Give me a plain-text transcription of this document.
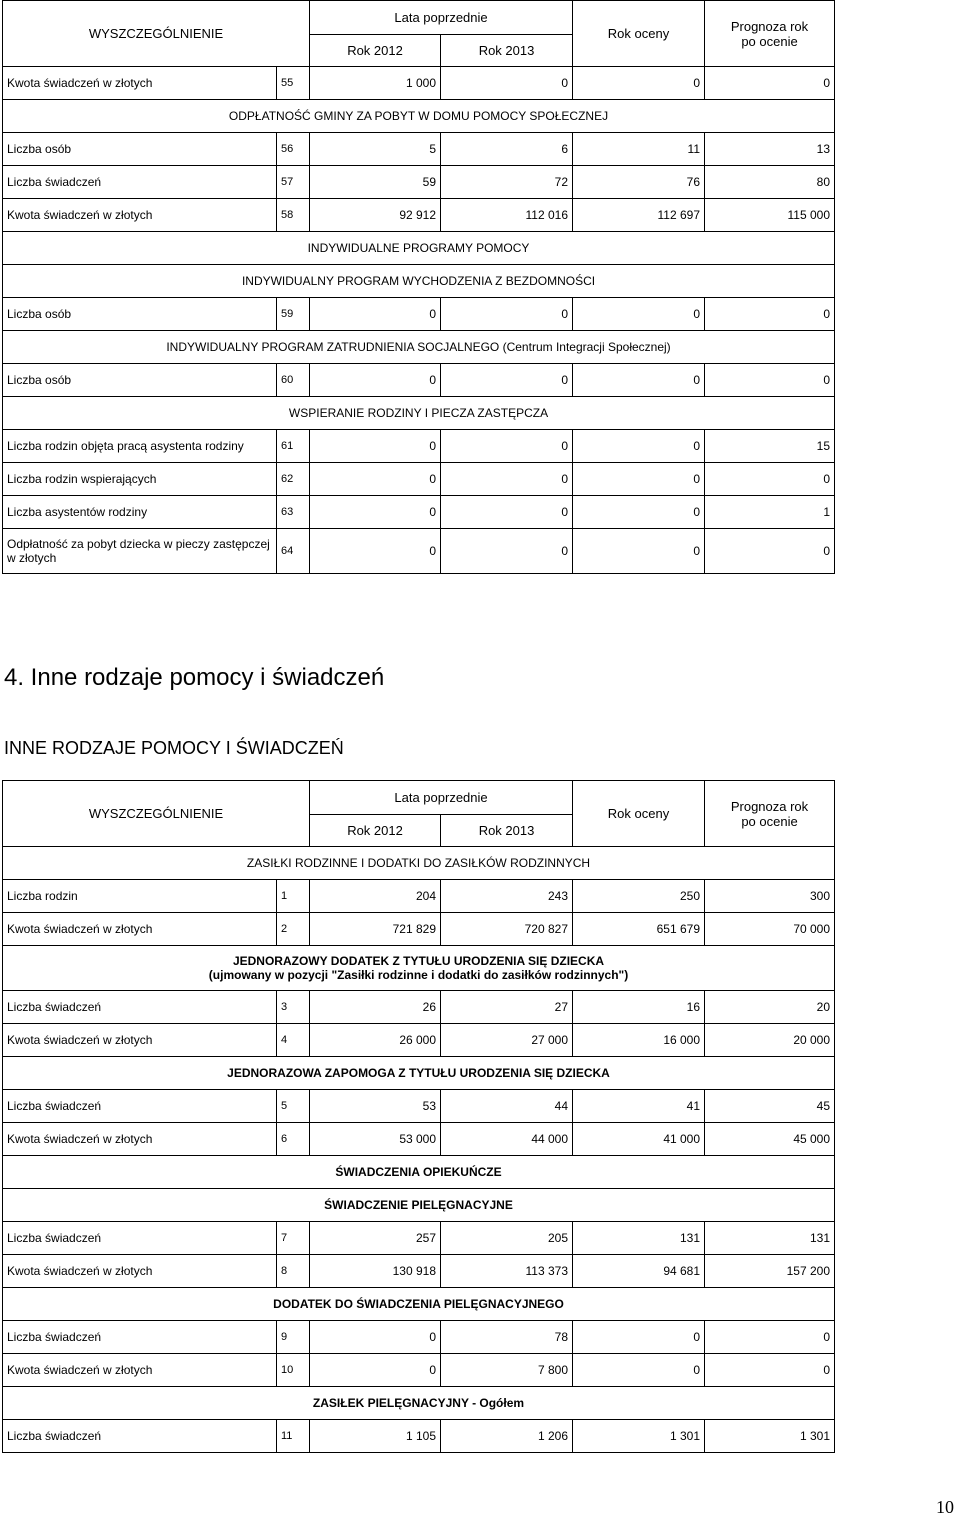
WYSZCZEGÓLNIENIE		Lata poprzednie		Rok oceny	Prognoza rok
po ocenie
		Rok 2012	Rok 2013		
Kwota świadczeń w złotych	55	1 000	0	0	0
ODPŁATNOŚĆ GMINY ZA POBYT W DOMU POMOCY SPOŁECZNEJ					
Liczba osób	56	5	6	11	13
Liczba świadczeń	57	59	72	76	80
Kwota świadczeń w złotych	58	92 912	112 016	112 697	115 000
INDYWIDUALNE PROGRAMY POMOCY					
INDYWIDUALNY PROGRAM WYCHODZENIA Z BEZDOMNOŚCI					
Liczba osób	59	0	0	0	0
INDYWIDUALNY PROGRAM ZATRUDNIENIA SOCJALNEGO (Centrum Integracji Społecznej)					
Liczba osób	60	0	0	0	0
WSPIERANIE RODZINY I PIECZA ZASTĘPCZA					
Liczba rodzin objęta pracą asystenta rodziny	61	0	0	0	15
Liczba rodzin wspierających	62	0	0	0	0
Liczba asystentów rodziny	63	0	0	0	1
Odpłatność za pobyt dziecka w pieczy zastępczej w złotych	64	0	0	0	0
4. Inne rodzaje pomocy i świadczeń
INNE RODZAJE POMOCY I ŚWIADCZEŃ
WYSZCZEGÓLNIENIE		Lata poprzednie		Rok oceny	Prognoza rok
po ocenie
		Rok 2012	Rok 2013		
ZASIŁKI RODZINNE I DODATKI DO ZASIŁKÓW RODZINNYCH					
Liczba rodzin	1	204	243	250	300
Kwota świadczeń w złotych	2	721 829	720 827	651 679	70 000
JEDNORAZOWY DODATEK Z TYTUŁU URODZENIA SIĘ DZIECKA
(ujmowany w pozycji "Zasiłki rodzinne i dodatki do zasiłków rodzinnych")					
Liczba świadczeń	3	26	27	16	20
Kwota świadczeń w złotych	4	26 000	27 000	16 000	20 000
JEDNORAZOWA ZAPOMOGA Z TYTUŁU URODZENIA SIĘ DZIECKA					
Liczba świadczeń	5	53	44	41	45
Kwota świadczeń w złotych	6	53 000	44 000	41 000	45 000
ŚWIADCZENIA OPIEKUŃCZE					
ŚWIADCZENIE PIELĘGNACYJNE					
Liczba świadczeń	7	257	205	131	131
Kwota świadczeń w złotych	8	130 918	113 373	94 681	157 200
DODATEK DO ŚWIADCZENIA PIELĘGNACYJNEGO					
Liczba świadczeń	9	0	78	0	0
Kwota świadczeń w złotych	10	0	7 800	0	0
ZASIŁEK PIELĘGNACYJNY - Ogółem					
Liczba świadczeń	11	1 105	1 206	1 301	1 301
10
